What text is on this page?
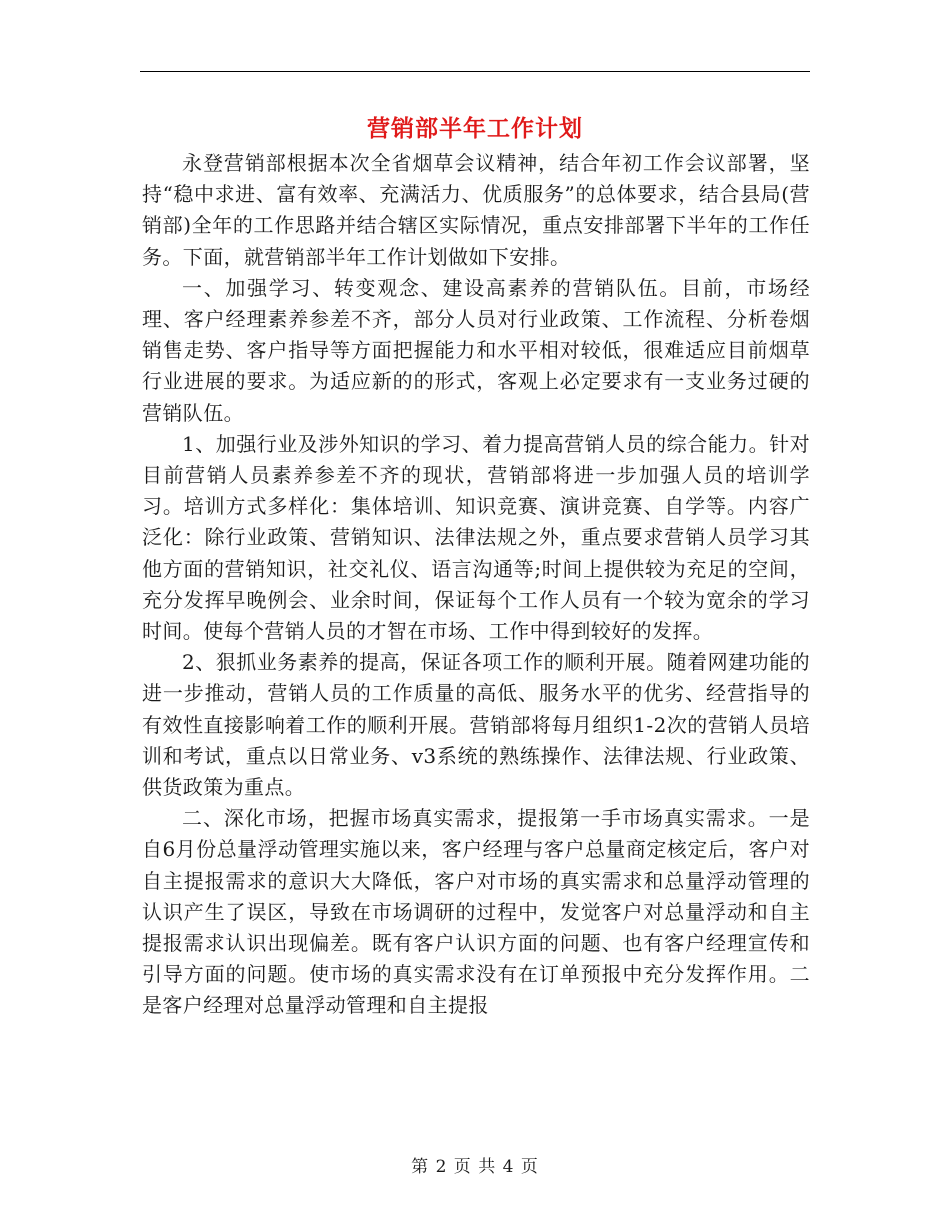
营销部半年工作计划

永登营销部根据本次全省烟草会议精神，结合年初工作会议部署，坚持“稳中求进、富有效率、充满活力、优质服务”的总体要求，结合县局(营销部)全年的工作思路并结合辖区实际情况，重点安排部署下半年的工作任务。下面，就营销部半年工作计划做如下安排。

一、加强学习、转变观念、建设高素养的营销队伍。目前，市场经理、客户经理素养参差不齐，部分人员对行业政策、工作流程、分析卷烟销售走势、客户指导等方面把握能力和水平相对较低，很难适应目前烟草行业进展的要求。为适应新的的形式，客观上必定要求有一支业务过硬的营销队伍。

1、加强行业及涉外知识的学习、着力提高营销人员的综合能力。针对目前营销人员素养参差不齐的现状，营销部将进一步加强人员的培训学习。培训方式多样化：集体培训、知识竞赛、演讲竞赛、自学等。内容广泛化：除行业政策、营销知识、法律法规之外，重点要求营销人员学习其他方面的营销知识，社交礼仪、语言沟通等;时间上提供较为充足的空间，充分发挥早晚例会、业余时间，保证每个工作人员有一个较为宽余的学习时间。使每个营销人员的才智在市场、工作中得到较好的发挥。

2、狠抓业务素养的提高，保证各项工作的顺利开展。随着网建功能的进一步推动，营销人员的工作质量的高低、服务水平的优劣、经营指导的有效性直接影响着工作的顺利开展。营销部将每月组织1-2次的营销人员培训和考试，重点以日常业务、v3系统的熟练操作、法律法规、行业政策、供货政策为重点。

二、深化市场，把握市场真实需求，提报第一手市场真实需求。一是自6月份总量浮动管理实施以来，客户经理与客户总量商定核定后，客户对自主提报需求的意识大大降低，客户对市场的真实需求和总量浮动管理的认识产生了误区，导致在市场调研的过程中，发觉客户对总量浮动和自主提报需求认识出现偏差。既有客户认识方面的问题、也有客户经理宣传和引导方面的问题。使市场的真实需求没有在订单预报中充分发挥作用。二是客户经理对总量浮动管理和自主提报

第 2 页 共 4 页
